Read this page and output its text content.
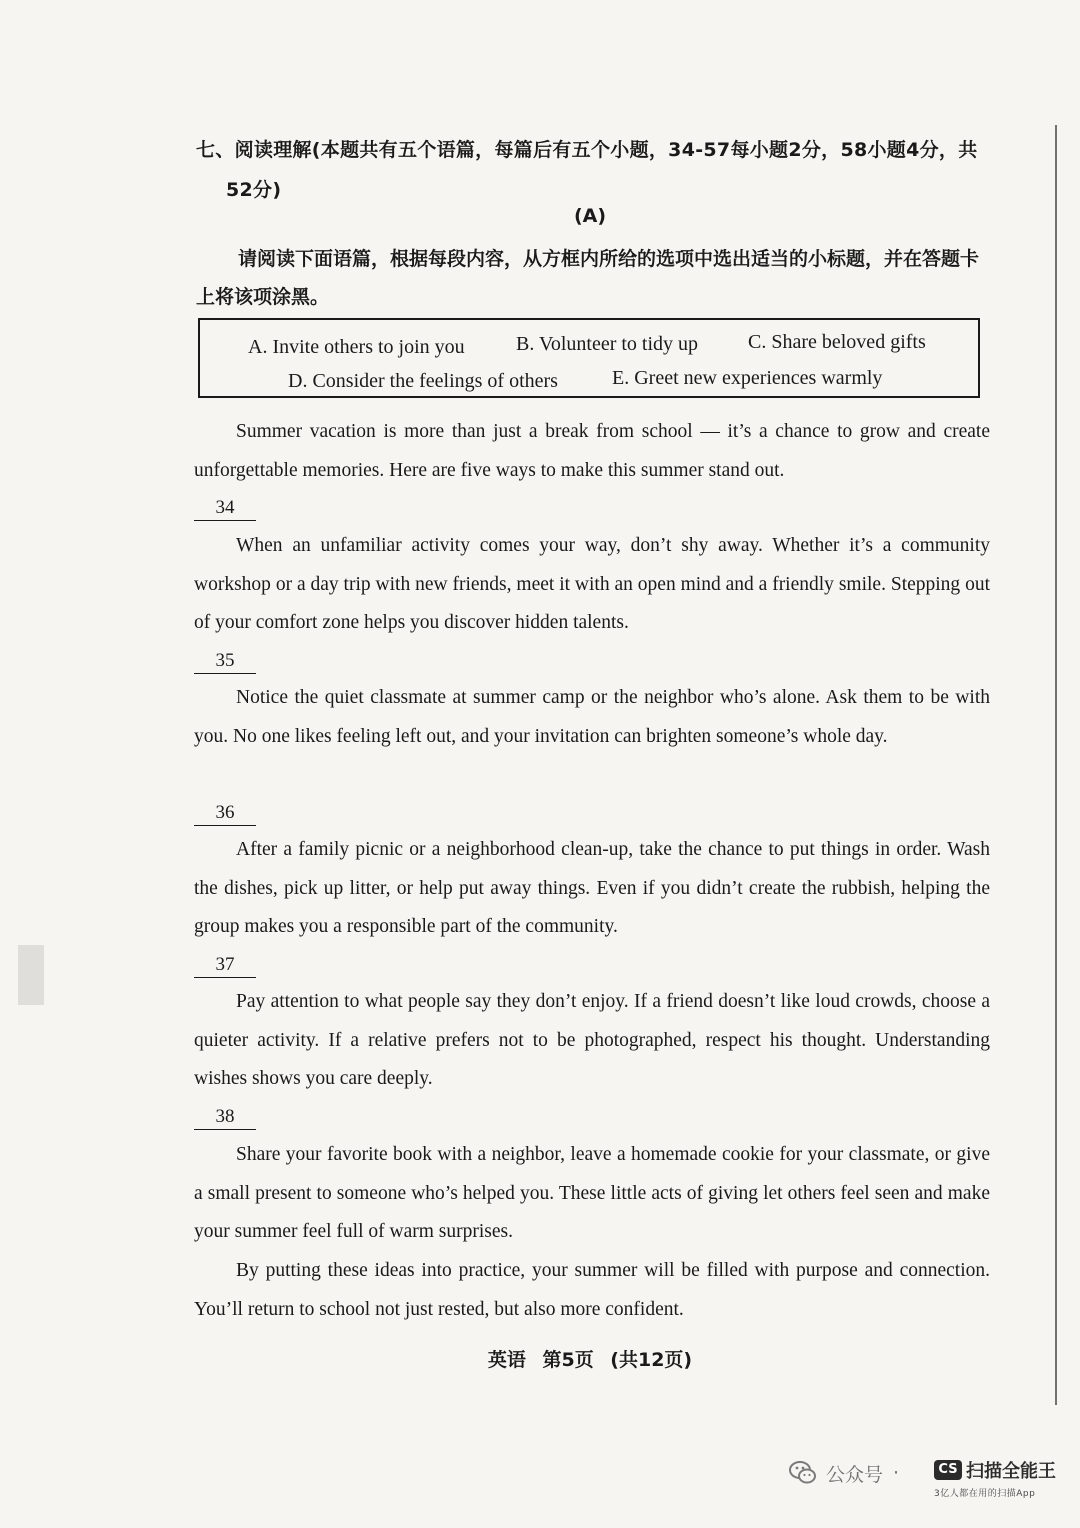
七、阅读理解(本题共有五个语篇，每篇后有五个小题，34-57每小题2分，58小题4分，共
52分)
(A)
请阅读下面语篇，根据每段内容，从方框内所给的选项中选出适当的小标题，并在答题卡上将该项涂黑。
A. Invite others to join you	B. Volunteer to tidy up C. Share beloved gifts
D. Consider the feelings of others	E. Greet new experiences warmly
Summer vacation is more than just a break from school — it’s a chance to grow and create unforgettable memories. Here are five ways to make this summer stand out.
34
When an unfamiliar activity comes your way, don’t shy away. Whether it’s a community workshop or a day trip with new friends, meet it with an open mind and a friendly smile. Stepping out of your comfort zone helps you discover hidden talents.
35
Notice the quiet classmate at summer camp or the neighbor who’s alone. Ask them to be with you. No one likes feeling left out, and your invitation can brighten someone’s whole day.
36
After a family picnic or a neighborhood clean-up, take the chance to put things in order. Wash the dishes, pick up litter, or help put away things. Even if you didn’t create the rubbish, helping the group makes you a responsible part of the community.
37
Pay attention to what people say they don’t enjoy. If a friend doesn’t like loud crowds, choose a quieter activity. If a relative prefers not to be photographed, respect his thought. Understanding wishes shows you care deeply.
38
Share your favorite book with a neighbor, leave a homemade cookie for your classmate, or give a small present to someone who’s helped you. These little acts of giving let others feel seen and make your summer feel full of warm surprises.
By putting these ideas into practice, your summer will be filled with purpose and connection. You’ll return to school not just rested, but also more confident.
英语 第5页 (共12页)
公众号 ·	CS 扫描全能王
3亿人都在用的扫描App
